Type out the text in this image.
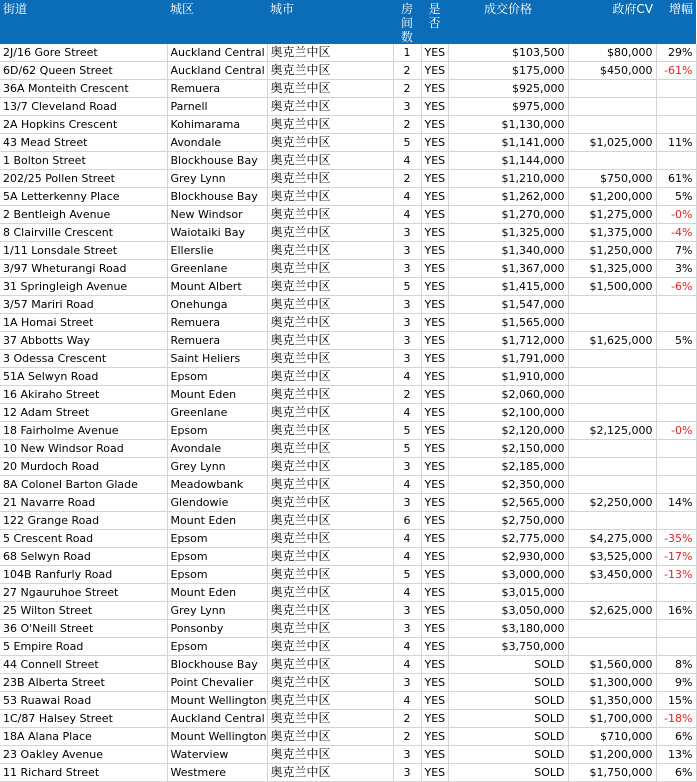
街道	城区	城市	房间数	是否	成交价格	政府CV	增幅

2J/16 Gore Street	Auckland Central	奥克兰中区	1	YES	$103,500	$80,000	29%
6D/62 Queen Street	Auckland Central	奥克兰中区	2	YES	$175,000	$450,000	-61%
36A Monteith Crescent	Remuera	奥克兰中区	2	YES	$925,000		
13/7 Cleveland Road	Parnell	奥克兰中区	3	YES	$975,000		
2A Hopkins Crescent	Kohimarama	奥克兰中区	2	YES	$1,130,000		
43 Mead Street	Avondale	奥克兰中区	5	YES	$1,141,000	$1,025,000	11%
1 Bolton Street	Blockhouse Bay	奥克兰中区	4	YES	$1,144,000		
202/25 Pollen Street	Grey Lynn	奥克兰中区	2	YES	$1,210,000	$750,000	61%
5A Letterkenny Place	Blockhouse Bay	奥克兰中区	4	YES	$1,262,000	$1,200,000	5%
2 Bentleigh Avenue	New Windsor	奥克兰中区	4	YES	$1,270,000	$1,275,000	-0%
8 Clairville Crescent	Waiotaiki Bay	奥克兰中区	3	YES	$1,325,000	$1,375,000	-4%
1/11 Lonsdale Street	Ellerslie	奥克兰中区	3	YES	$1,340,000	$1,250,000	7%
3/97 Wheturangi Road	Greenlane	奥克兰中区	3	YES	$1,367,000	$1,325,000	3%
31 Springleigh Avenue	Mount Albert	奥克兰中区	5	YES	$1,415,000	$1,500,000	-6%
3/57 Mariri Road	Onehunga	奥克兰中区	3	YES	$1,547,000		
1A Homai Street	Remuera	奥克兰中区	3	YES	$1,565,000		
37 Abbotts Way	Remuera	奥克兰中区	3	YES	$1,712,000	$1,625,000	5%
3 Odessa Crescent	Saint Heliers	奥克兰中区	3	YES	$1,791,000		
51A Selwyn Road	Epsom	奥克兰中区	4	YES	$1,910,000		
16 Akiraho Street	Mount Eden	奥克兰中区	2	YES	$2,060,000		
12 Adam Street	Greenlane	奥克兰中区	4	YES	$2,100,000		
18 Fairholme Avenue	Epsom	奥克兰中区	5	YES	$2,120,000	$2,125,000	-0%
10 New Windsor Road	Avondale	奥克兰中区	5	YES	$2,150,000		
20 Murdoch Road	Grey Lynn	奥克兰中区	3	YES	$2,185,000		
8A Colonel Barton Glade	Meadowbank	奥克兰中区	4	YES	$2,350,000		
21 Navarre Road	Glendowie	奥克兰中区	3	YES	$2,565,000	$2,250,000	14%
122 Grange Road	Mount Eden	奥克兰中区	6	YES	$2,750,000		
5 Crescent Road	Epsom	奥克兰中区	4	YES	$2,775,000	$4,275,000	-35%
68 Selwyn Road	Epsom	奥克兰中区	4	YES	$2,930,000	$3,525,000	-17%
104B Ranfurly Road	Epsom	奥克兰中区	5	YES	$3,000,000	$3,450,000	-13%
27 Ngauruhoe Street	Mount Eden	奥克兰中区	4	YES	$3,015,000		
25 Wilton Street	Grey Lynn	奥克兰中区	3	YES	$3,050,000	$2,625,000	16%
36 O'Neill Street	Ponsonby	奥克兰中区	3	YES	$3,180,000		
5 Empire Road	Epsom	奥克兰中区	4	YES	$3,750,000		
44 Connell Street	Blockhouse Bay	奥克兰中区	4	YES	SOLD	$1,560,000	8%
23B Alberta Street	Point Chevalier	奥克兰中区	3	YES	SOLD	$1,300,000	9%
53 Ruawai Road	Mount Wellington	奥克兰中区	4	YES	SOLD	$1,350,000	15%
1C/87 Halsey Street	Auckland Central	奥克兰中区	2	YES	SOLD	$1,700,000	-18%
18A Alana Place	Mount Wellington	奥克兰中区	2	YES	SOLD	$710,000	6%
23 Oakley Avenue	Waterview	奥克兰中区	3	YES	SOLD	$1,200,000	13%
11 Richard Street	Westmere	奥克兰中区	3	YES	SOLD	$1,750,000	6%
